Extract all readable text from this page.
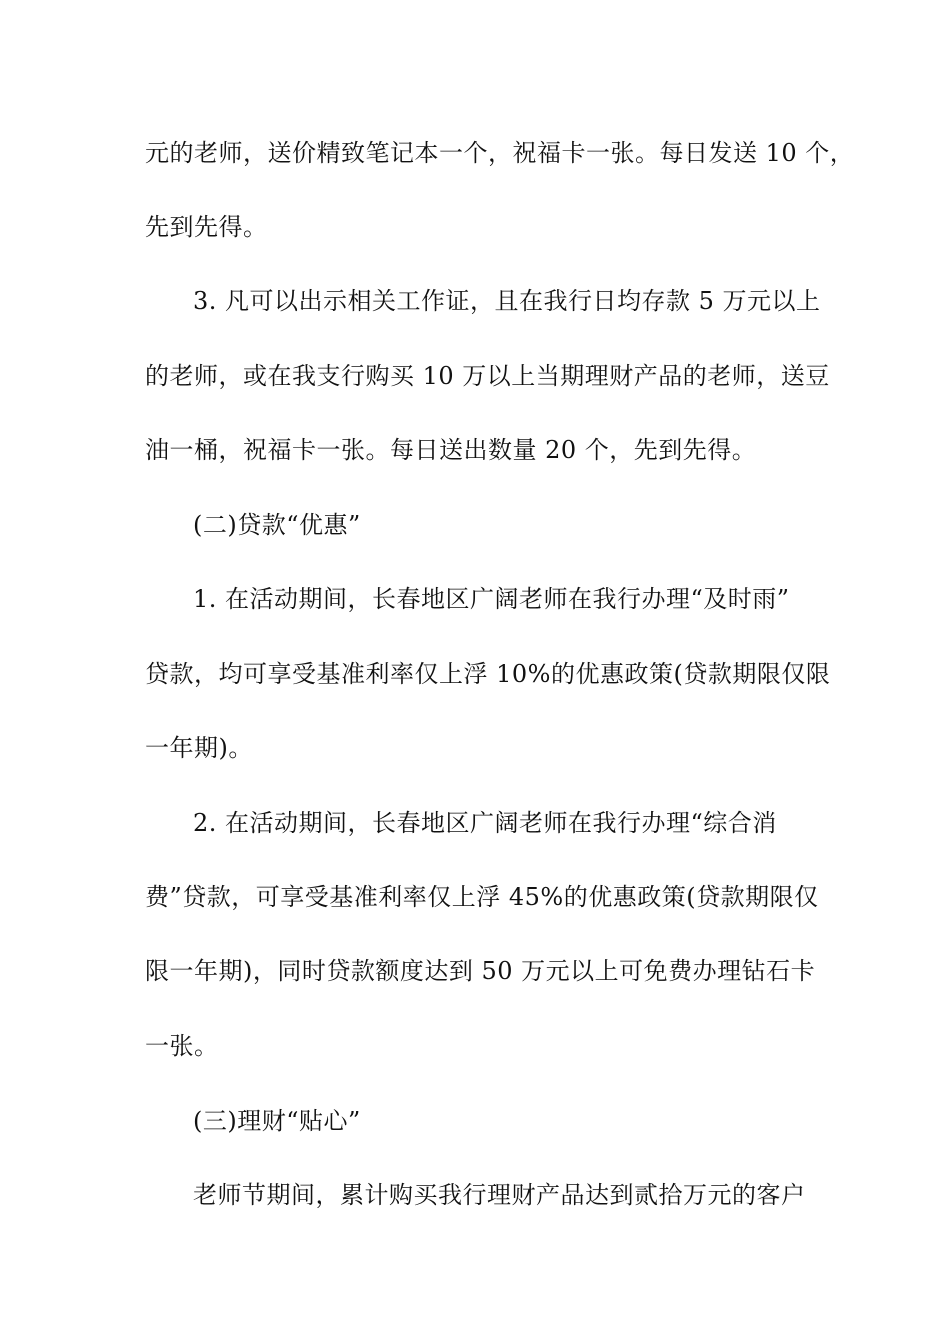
元的老师，送价精致笔记本一个，祝福卡一张。每日发送 10 个，
先到先得。
3. 凡可以出示相关工作证，且在我行日均存款 5 万元以上
的老师，或在我支行购买 10 万以上当期理财产品的老师，送豆
油一桶，祝福卡一张。每日送出数量 20 个，先到先得。
(二)贷款“优惠”
1. 在活动期间，长春地区广阔老师在我行办理“及时雨”
贷款，均可享受基准利率仅上浮 10%的优惠政策(贷款期限仅限
一年期)。
2. 在活动期间，长春地区广阔老师在我行办理“综合消
费”贷款，可享受基准利率仅上浮 45%的优惠政策(贷款期限仅
限一年期)，同时贷款额度达到 50 万元以上可免费办理钻石卡
一张。
(三)理财“贴心”
老师节期间，累计购买我行理财产品达到贰拾万元的客户
